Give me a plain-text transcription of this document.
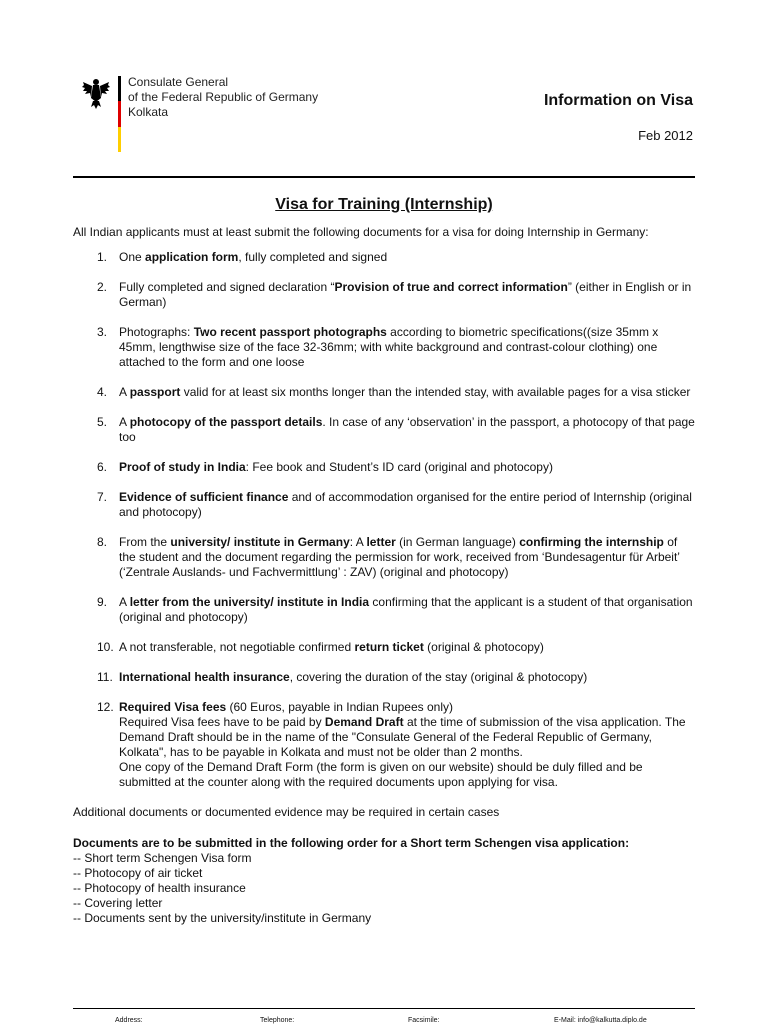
Consulate General
of the Federal Republic of Germany
Kolkata
Information on Visa
Feb 2012
Visa for Training (Internship)
All Indian applicants must at least submit the following documents for a visa for doing Internship in Germany:
1. One application form, fully completed and signed
2. Fully completed and signed declaration “Provision of true and correct information” (either in English or in German)
3. Photographs: Two recent passport photographs according to biometric specifications((size 35mm x 45mm, lengthwise size of the face 32-36mm; with white background and contrast-colour clothing) one attached to the form and one loose
4. A passport valid for at least six months longer than the intended stay, with available pages for a visa sticker
5. A photocopy of the passport details. In case of any ‘observation’ in the passport, a photocopy of that page too
6. Proof of study in India: Fee book and Student’s ID card (original and photocopy)
7. Evidence of sufficient finance and of accommodation organised for the entire period of Internship (original and photocopy)
8. From the university/ institute in Germany: A letter (in German language) confirming the internship of the student and the document regarding the permission for work, received from ‘Bundesagentur für Arbeit’ (‘Zentrale Auslands- und Fachvermittlung’ : ZAV) (original and photocopy)
9. A letter from the university/ institute in India confirming that the applicant is a student of that organisation (original and photocopy)
10. A not transferable, not negotiable confirmed return ticket (original & photocopy)
11. International health insurance, covering the duration of the stay (original & photocopy)
12. Required Visa fees (60 Euros, payable in Indian Rupees only)
Required Visa fees have to be paid by Demand Draft at the time of submission of the visa application. The Demand Draft should be in the name of the "Consulate General of the Federal Republic of Germany, Kolkata", has to be payable in Kolkata and must not be older than 2 months.
One copy of the Demand Draft Form (the form is given on our website) should be duly filled and be submitted at the counter along with the required documents upon applying for visa.
Additional documents or documented evidence may be required in certain cases
Documents are to be submitted in the following order for a Short term Schengen visa application:
-- Short term Schengen Visa form
-- Photocopy of air ticket
-- Photocopy of health insurance
-- Covering letter
-- Documents sent by the university/institute in Germany
Address:	Telephone:	Facsimile:	E-Mail: info@kalkutta.diplo.de
